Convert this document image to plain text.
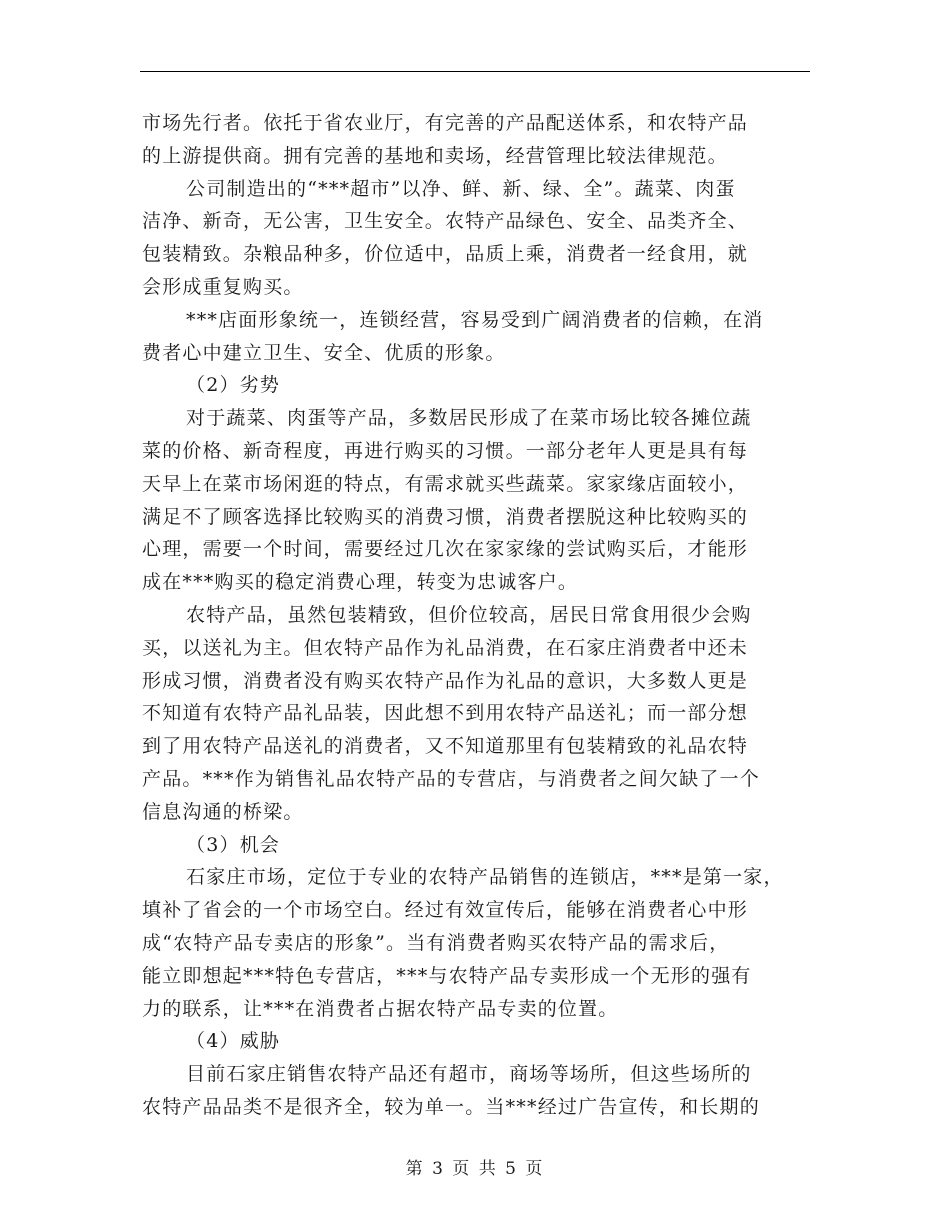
市场先行者。依托于省农业厅，有完善的产品配送体系，和农特产品
的上游提供商。拥有完善的基地和卖场，经营管理比较法律规范。
公司制造出的“***超市”以净、鲜、新、绿、全”。蔬菜、肉蛋
洁净、新奇，无公害，卫生安全。农特产品绿色、安全、品类齐全、
包装精致。杂粮品种多，价位适中，品质上乘，消费者一经食用，就
会形成重复购买。
***店面形象统一，连锁经营，容易受到广阔消费者的信赖，在消
费者心中建立卫生、安全、优质的形象。
（2）劣势
对于蔬菜、肉蛋等产品，多数居民形成了在菜市场比较各摊位蔬
菜的价格、新奇程度，再进行购买的习惯。一部分老年人更是具有每
天早上在菜市场闲逛的特点，有需求就买些蔬菜。家家缘店面较小，
满足不了顾客选择比较购买的消费习惯，消费者摆脱这种比较购买的
心理，需要一个时间，需要经过几次在家家缘的尝试购买后，才能形
成在***购买的稳定消费心理，转变为忠诚客户。
农特产品，虽然包装精致，但价位较高，居民日常食用很少会购
买，以送礼为主。但农特产品作为礼品消费，在石家庄消费者中还未
形成习惯，消费者没有购买农特产品作为礼品的意识，大多数人更是
不知道有农特产品礼品装，因此想不到用农特产品送礼；而一部分想
到了用农特产品送礼的消费者，又不知道那里有包装精致的礼品农特
产品。***作为销售礼品农特产品的专营店，与消费者之间欠缺了一个
信息沟通的桥梁。
（3）机会
石家庄市场，定位于专业的农特产品销售的连锁店，***是第一家，
填补了省会的一个市场空白。经过有效宣传后，能够在消费者心中形
成“农特产品专卖店的形象”。当有消费者购买农特产品的需求后，
能立即想起***特色专营店，***与农特产品专卖形成一个无形的强有
力的联系，让***在消费者占据农特产品专卖的位置。
（4）威胁
目前石家庄销售农特产品还有超市，商场等场所，但这些场所的
农特产品品类不是很齐全，较为单一。当***经过广告宣传，和长期的
第 3 页 共 5 页
